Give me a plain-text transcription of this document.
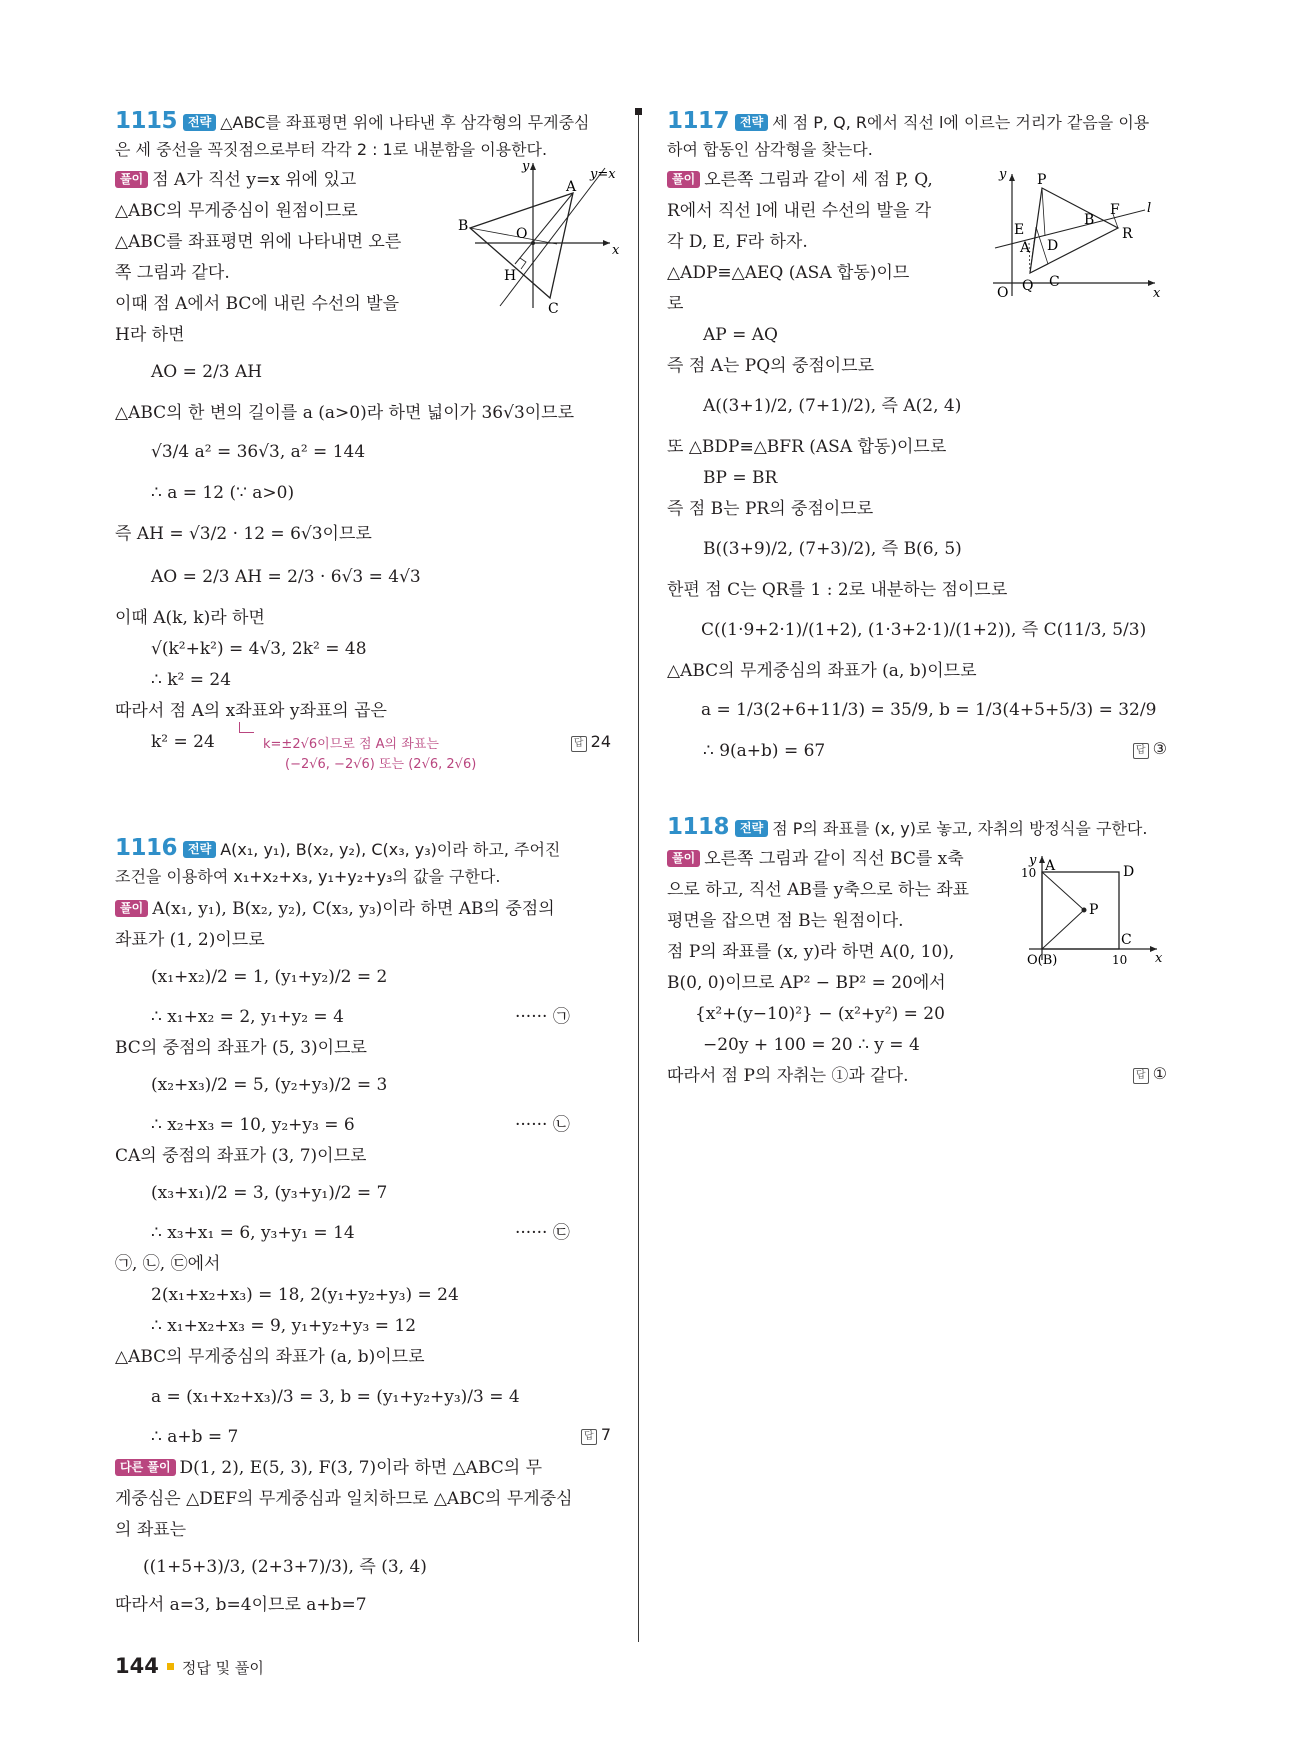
1115 전략 △ABC를 좌표평면 위에 나타낸 후 삼각형의 무게중심
은 세 중선을 꼭짓점으로부터 각각 2 : 1로 내분함을 이용한다.
풀이 점 A가 직선 y=x 위에 있고
△ABC의 무게중심이 원점이므로
△ABC를 좌표평면 위에 나타내면 오른
쪽 그림과 같다.
이때 점 A에서 BC에 내린 수선의 발을
H라 하면
y=x
A
B
C
O
H
x
y
AO = 2/3 AH
△ABC의 한 변의 길이를 a (a>0)라 하면 넓이가 36√3이므로
√3/4 a² = 36√3, a² = 144
∴ a = 12 (∵ a>0)
즉 AH = √3/2 · 12 = 6√3이므로
AO = 2/3 AH = 2/3 · 6√3 = 4√3
이때 A(k, k)라 하면
√(k²+k²) = 4√3, 2k² = 48
∴ k² = 24
따라서 점 A의 x좌표와 y좌표의 곱은
k² = 24	k=±2√6이므로 점 A의 좌표는
(−2√6, −2√6) 또는 (2√6, 2√6)
답 24
1116 전략 A(x₁, y₁), B(x₂, y₂), C(x₃, y₃)이라 하고, 주어진
조건을 이용하여 x₁+x₂+x₃, y₁+y₂+y₃의 값을 구한다.
풀이 A(x₁, y₁), B(x₂, y₂), C(x₃, y₃)이라 하면 AB의 중점의
좌표가 (1, 2)이므로
(x₁+x₂)/2 = 1, (y₁+y₂)/2 = 2
∴ x₁+x₂ = 2, y₁+y₂ = 4	······ ㉠
BC의 중점의 좌표가 (5, 3)이므로
(x₂+x₃)/2 = 5, (y₂+y₃)/2 = 3
∴ x₂+x₃ = 10, y₂+y₃ = 6	······ ㉡
CA의 중점의 좌표가 (3, 7)이므로
(x₃+x₁)/2 = 3, (y₃+y₁)/2 = 7
∴ x₃+x₁ = 6, y₃+y₁ = 14	······ ㉢
㉠, ㉡, ㉢에서
2(x₁+x₂+x₃) = 18, 2(y₁+y₂+y₃) = 24
∴ x₁+x₂+x₃ = 9, y₁+y₂+y₃ = 12
△ABC의 무게중심의 좌표가 (a, b)이므로
a = (x₁+x₂+x₃)/3 = 3, b = (y₁+y₂+y₃)/3 = 4
∴ a+b = 7	답 7
다른 풀이 D(1, 2), E(5, 3), F(3, 7)이라 하면 △ABC의 무
게중심은 △DEF의 무게중심과 일치하므로 △ABC의 무게중심
의 좌표는
((1+5+3)/3, (2+3+7)/3), 즉 (3, 4)
따라서 a=3, b=4이므로 a+b=7
1117 전략 세 점 P, Q, R에서 직선 l에 이르는 거리가 같음을 이용
하여 합동인 삼각형을 찾는다.
풀이 오른쪽 그림과 같이 세 점 P, Q,
R에서 직선 l에 내린 수선의 발을 각
각 D, E, F라 하자.
△ADP≡△AEQ (ASA 합동)이므
로
P
Q
R
A
B
C
D
E
F
O	x
y
l
AP = AQ
즉 점 A는 PQ의 중점이므로
A((3+1)/2, (7+1)/2), 즉 A(2, 4)
또 △BDP≡△BFR (ASA 합동)이므로
BP = BR
즉 점 B는 PR의 중점이므로
B((3+9)/2, (7+3)/2), 즉 B(6, 5)
한편 점 C는 QR를 1 : 2로 내분하는 점이므로
C((1·9+2·1)/(1+2), (1·3+2·1)/(1+2)), 즉 C(11/3, 5/3)
△ABC의 무게중심의 좌표가 (a, b)이므로
a = 1/3(2+6+11/3) = 35/9, b = 1/3(4+5+5/3) = 32/9
∴ 9(a+b) = 67	답 ③
1118 전략 점 P의 좌표를 (x, y)로 놓고, 자취의 방정식을 구한다.
풀이 오른쪽 그림과 같이 직선 BC를 x축
으로 하고, 직선 AB를 y축으로 하는 좌표
평면을 잡으면 점 B는 원점이다.
점 P의 좌표를 (x, y)라 하면 A(0, 10),
B(0, 0)이므로 AP² − BP² = 20에서
{x²+(y−10)²} − (x²+y²) = 20
−20y + 100 = 20 ∴ y = 4
따라서 점 P의 자취는 ①과 같다.	답 ①
A	D
C
P
O(B)
10
10 x
y
144 정답 및 풀이
